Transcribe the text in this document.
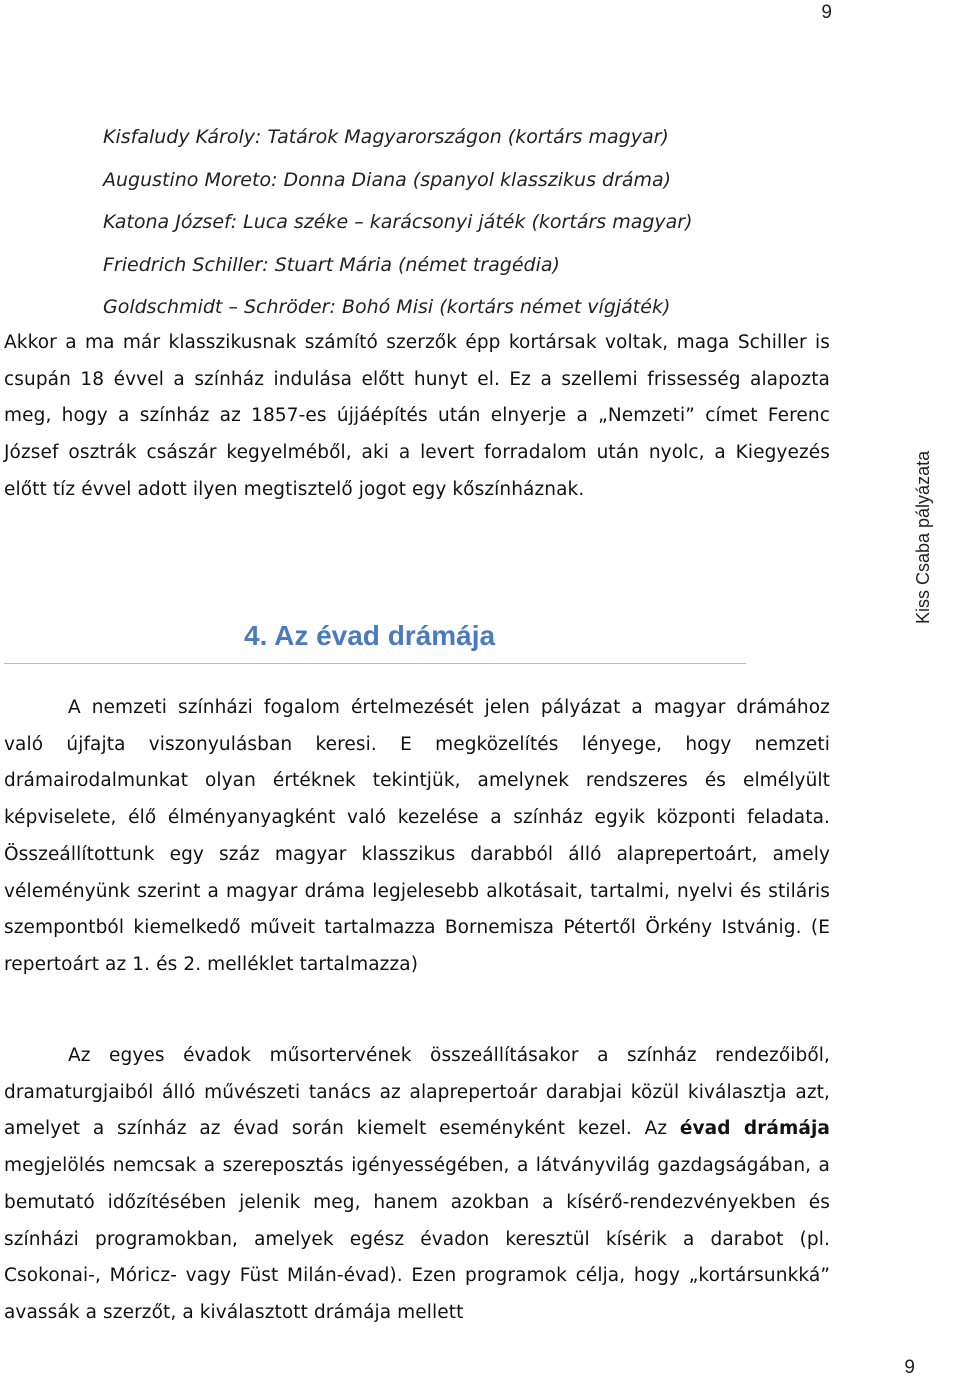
9
Kisfaludy Károly: Tatárok Magyarországon (kortárs magyar)
Augustino Moreto: Donna Diana (spanyol klasszikus dráma)
Katona József: Luca széke – karácsonyi játék (kortárs magyar)
Friedrich Schiller: Stuart Mária (német tragédia)
Goldschmidt – Schröder: Bohó Misi (kortárs német vígjáték)

Akkor a ma már klasszikusnak számító szerzők épp kortársak voltak, maga Schiller is csupán 18 évvel a színház indulása előtt hunyt el. Ez a szellemi frissesség alapozta meg, hogy a színház az 1857-es újjáépítés után elnyerje a „Nemzeti” címet Ferenc József osztrák császár kegyelméből, aki a levert forradalom után nyolc, a Kiegyezés előtt tíz évvel adott ilyen megtisztelő jogot egy kőszínháznak.

4. Az évad drámája
Kiss Csaba pályázata

A nemzeti színházi fogalom értelmezését jelen pályázat a magyar drámához való újfajta viszonyulásban keresi. E megközelítés lényege, hogy nemzeti drámairodalmunkat olyan értéknek tekintjük, amelynek rendszeres és elmélyült képviselete, élő élményanyagként való kezelése a színház egyik központi feladata. Összeállítottunk egy száz magyar klasszikus darabból álló alaprepertoárt, amely véleményünk szerint a magyar dráma legjelesebb alkotásait, tartalmi, nyelvi és stiláris szempontból kiemelkedő műveit tartalmazza Bornemisza Pétertől Örkény Istvánig. (E repertoárt az 1. és 2. melléklet tartalmazza)

Az egyes évadok műsortervének összeállításakor a színház rendezőiből, dramaturgjaiból álló művészeti tanács az alaprepertoár darabjai közül kiválasztja azt, amelyet a színház az évad során kiemelt eseményként kezel. Az évad drámája megjelölés nemcsak a szereposztás igényességében, a látványvilág gazdagságában, a bemutató időzítésében jelenik meg, hanem azokban a kísérő-rendezvényekben és színházi programokban, amelyek egész évadon keresztül kísérik a darabot (pl. Csokonai-, Móricz- vagy Füst Milán-évad). Ezen programok célja, hogy „kortársunkká” avassák a szerzőt, a kiválasztott drámája mellett

9
